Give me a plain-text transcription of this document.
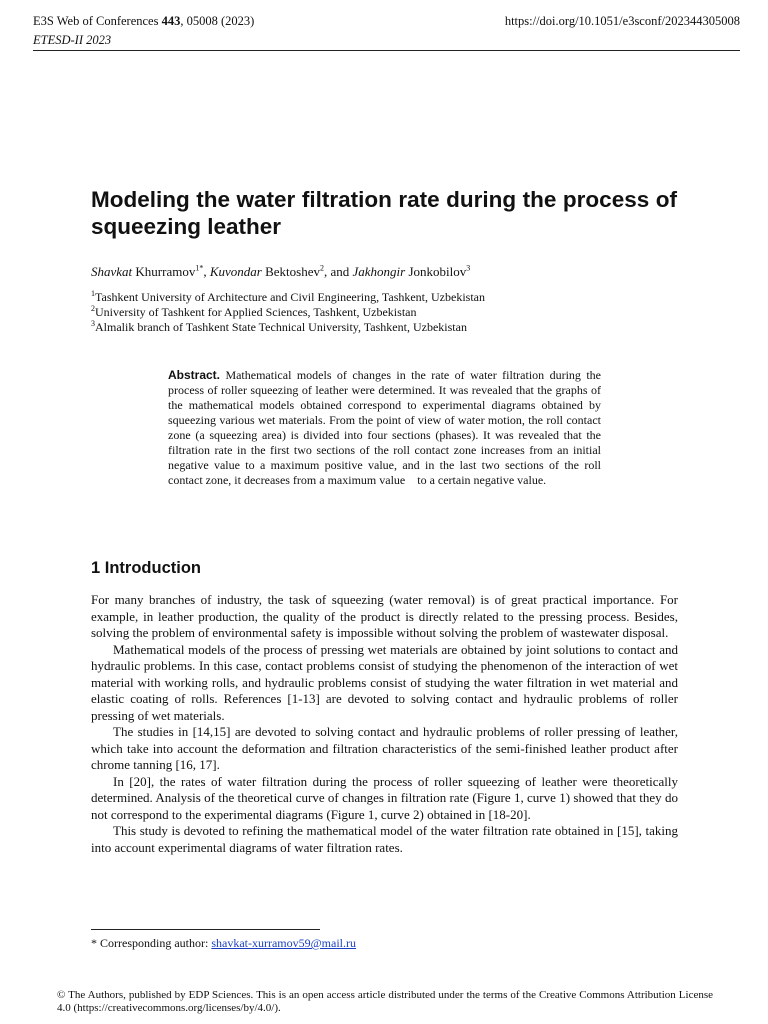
E3S Web of Conferences 443, 05008 (2023)
ETESD-II 2023
https://doi.org/10.1051/e3sconf/202344305008
Modeling the water filtration rate during the process of squeezing leather
Shavkat Khurramov$^{1*}$, Kuvondar Bektoshev$^2$, and Jakhongir Jonkobilov$^3$
$^1$Tashkent University of Architecture and Civil Engineering, Tashkent, Uzbekistan
$^2$University of Tashkent for Applied Sciences, Tashkent, Uzbekistan
$^3$Almalik branch of Tashkent State Technical University, Tashkent, Uzbekistan
Abstract. Mathematical models of changes in the rate of water filtration during the process of roller squeezing of leather were determined. It was revealed that the graphs of the mathematical models obtained correspond to experimental diagrams obtained by squeezing various wet materials. From the point of view of water motion, the roll contact zone (a squeezing area) is divided into four sections (phases). It was revealed that the filtration rate in the first two sections of the roll contact zone increases from an initial negative value to a maximum positive value, and in the last two sections of the roll contact zone, it decreases from a maximum value    to a certain negative value.
1 Introduction

For many branches of industry, the task of squeezing (water removal) is of great practical importance. For example, in leather production, the quality of the product is directly related to the pressing process. Besides, solving the problem of environmental safety is impossible without solving the problem of wastewater disposal.

Mathematical models of the process of pressing wet materials are obtained by joint solutions to contact and hydraulic problems. In this case, contact problems consist of studying the phenomenon of the interaction of wet material with working rolls, and hydraulic problems consist of studying the water filtration in wet material and elastic coating of rolls. References [1-13] are devoted to solving contact and hydraulic problems of roller pressing of wet materials.

The studies in [14,15] are devoted to solving contact and hydraulic problems of roller pressing of leather, which take into account the deformation and filtration characteristics of the semi-finished leather product after chrome tanning [16, 17].

In [20], the rates of water filtration during the process of roller squeezing of leather were theoretically determined. Analysis of the theoretical curve of changes in filtration rate (Figure 1, curve 1) showed that they do not correspond to the experimental diagrams (Figure 1, curve 2) obtained in [18-20].

This study is devoted to refining the mathematical model of the water filtration rate obtained in [15], taking into account experimental diagrams of water filtration rates.

* Corresponding author: shavkat-xurramov59@mail.ru
© The Authors, published by EDP Sciences. This is an open access article distributed under the terms of the Creative Commons Attribution License 4.0 (https://creativecommons.org/licenses/by/4.0/).
